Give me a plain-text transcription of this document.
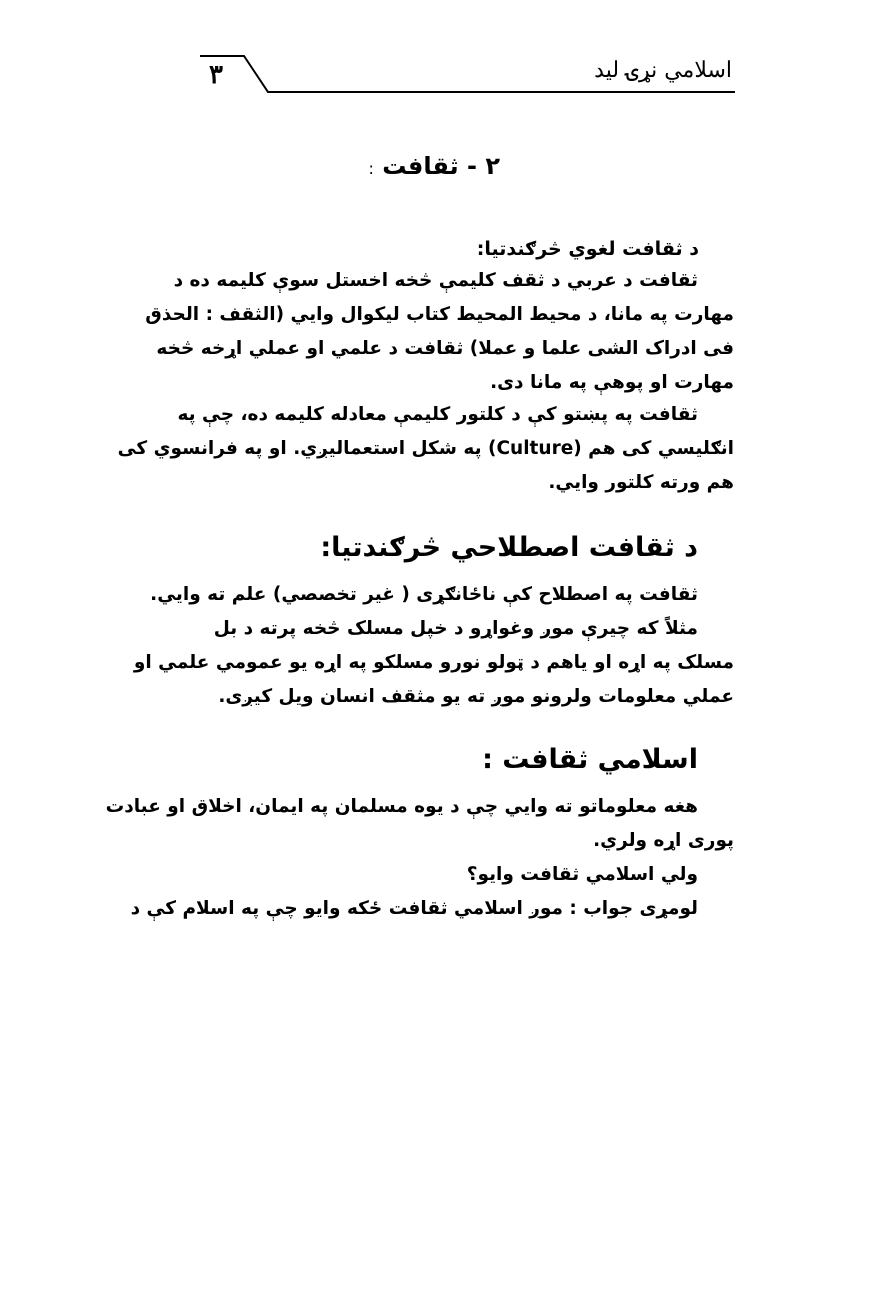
اسلامي نړۍ لید
۳
۲ - ثقافت :
د ثقافت لغوي څرګندتیا:
ثقافت د عربي د ثقف کلیمې څخه اخستل سوې کلیمه ده د
مهارت په مانا، د محیط المحیط کتاب لیکوال وایي (الثقف : الحذق
فی ادراک الشی علما و عملا) ثقافت د علمي او عملي اړخه څخه
مهارت او پوهې په مانا دی.
ثقافت په پښتو کې د کلتور کلیمې معادله کلیمه ده، چې په
انګلیسي کی هم (Culture) په شکل استعمالیږي. او په فرانسوي کی
هم ورته کلتور وایي.
د ثقافت اصطلاحي څرګندتیا:
ثقافت په اصطلاح کې ناځانګړی ( غیر تخصصي) علم ته وایي.
مثلاً که چیرې موږ وغواړو د خپل مسلک څخه پرته د بل
مسلک په اړه او یاهم د ټولو نورو مسلکو په اړه یو عمومي علمي او
عملي معلومات ولرونو موږ ته یو مثقف انسان ویل کیږی.
اسلامي ثقافت :
هغه معلوماتو ته وایي چې د یوه مسلمان په ایمان، اخلاق او عبادت
پوری اړه ولري.
ولي اسلامي ثقافت وایو؟
لومړی جواب : موږ اسلامي ثقافت ځکه وایو چې په اسلام کې د
